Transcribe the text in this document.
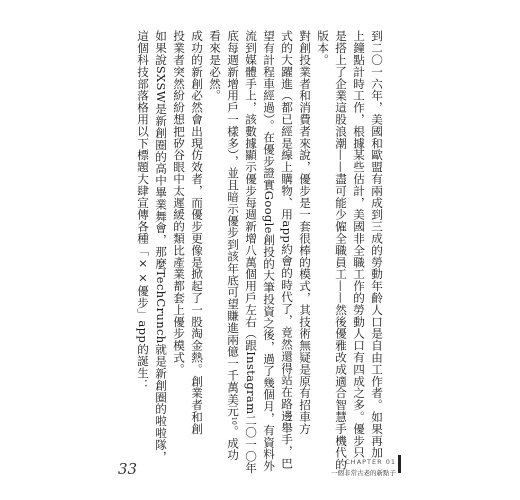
到二〇一六年，美國和歐盟有兩成到三成的勞動年齡人口是自由工作者。如果再加
上鐘點計時工作，根據某些估計，美國非全職工作的勞動人口有四成之多。優步只
是搭上了企業這股浪潮——盡可能少僱全職員工——然後優雅改成適合智慧手機代的
版本。
對創投業者和消費者來說，優步是一套很棒的模式，其技術無疑是原有招車方
式的大躍進（都已經是線上購物、用app約會的時代了，竟然還得站在路邊舉手，巴
望有計程車經過）。在優步證實Google創投的大筆投資之後，過了幾個月，有資料外
流到媒體手上，該數據顯示優步每週新增八萬個用戶左右（跟Instagram二〇一〇年
底每週新增用戶一樣多），並且暗示優步到該年底可望賺進兩億一千萬美元10。成功
看來是必然。
成功的新創必然會出現仿效者，而優步更像是掀起了一股淘金熱。創業者和創
投業者突然紛紛想把矽谷眼中太遲緩的類比產業都套上優步模式。
如果說SXSW是新創圈的高中畢業舞會，那麼TechCrunch就是新創圈的啦啦隊，
這個科技部落格用以下標題大肆宣傳各種「××優步」app的誕生：
33	CHAPTER 01
一個非常古老的新點子
